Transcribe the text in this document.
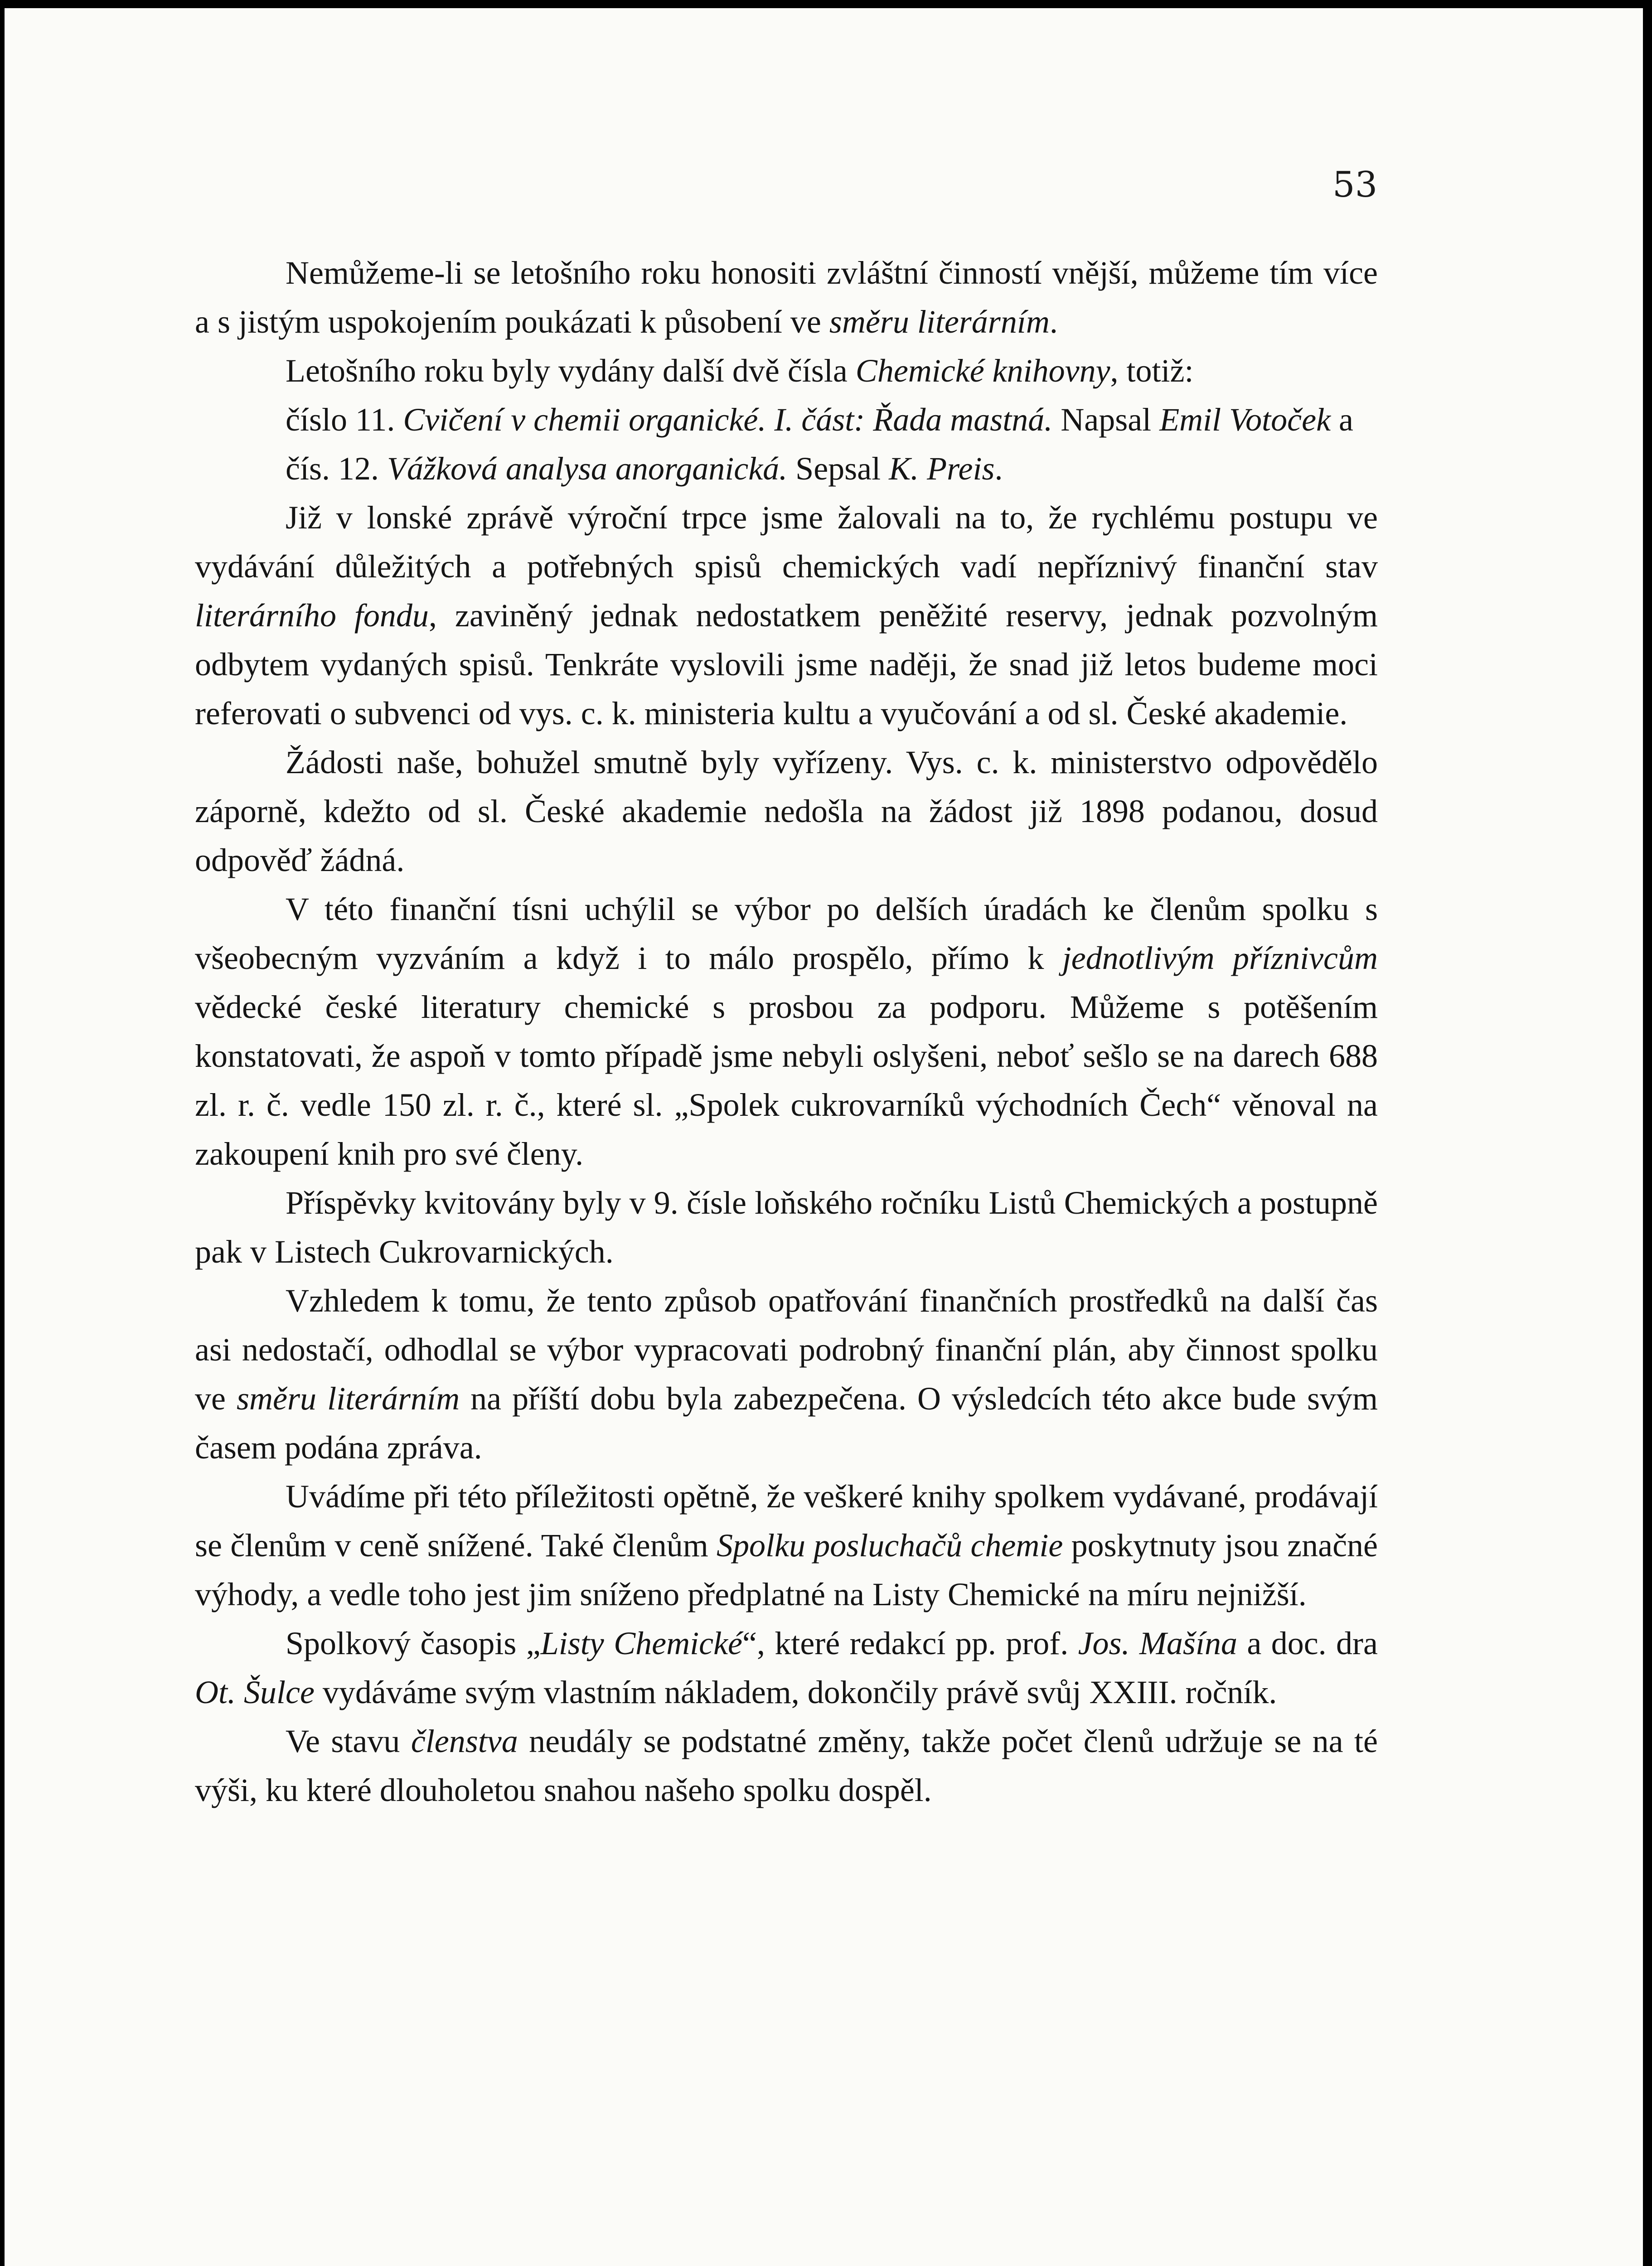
53

Nemůžeme-li se letošního roku honositi zvláštní činností vnější, můžeme tím více a s jistým uspokojením poukázati k působení ve směru literárním.

Letošního roku byly vydány další dvě čísla Chemické knihovny, totiž:

číslo 11. Cvičení v chemii organické. I. část: Řada mastná. Napsal Emil Votoček a

čís. 12. Vážková analysa anorganická. Sepsal K. Preis.

Již v lonské zprávě výroční trpce jsme žalovali na to, že rychlému postupu ve vydávání důležitých a potřebných spisů chemických vadí nepříznivý finanční stav literárního fondu, zaviněný jednak nedostatkem peněžité reservy, jednak pozvolným odbytem vydaných spisů. Tenkráte vyslovili jsme naději, že snad již letos budeme moci referovati o subvenci od vys. c. k. ministeria kultu a vyučování a od sl. České akademie.

Žádosti naše, bohužel smutně byly vyřízeny. Vys. c. k. ministerstvo odpovědělo záporně, kdežto od sl. České akademie nedošla na žádost již 1898 podanou, dosud odpověď žádná.

V této finanční tísni uchýlil se výbor po delších úradách ke členům spolku s všeobecným vyzváním a když i to málo prospělo, přímo k jednotlivým příznivcům vědecké české literatury chemické s prosbou za podporu. Můžeme s potěšením konstatovati, že aspoň v tomto případě jsme nebyli oslyšeni, neboť sešlo se na darech 688 zl. r. č. vedle 150 zl. r. č., které sl. „Spolek cukrovarníků východních Čech“ věnoval na zakoupení knih pro své členy.

Příspěvky kvitovány byly v 9. čísle loňského ročníku Listů Chemických a postupně pak v Listech Cukrovarnických.

Vzhledem k tomu, že tento způsob opatřování finančních prostředků na další čas asi nedostačí, odhodlal se výbor vypracovati podrobný finanční plán, aby činnost spolku ve směru literárním na příští dobu byla zabezpečena. O výsledcích této akce bude svým časem podána zpráva.

Uvádíme při této příležitosti opětně, že veškeré knihy spolkem vydávané, prodávají se členům v ceně snížené. Také členům Spolku posluchačů chemie poskytnuty jsou značné výhody, a vedle toho jest jim sníženo předplatné na Listy Chemické na míru nejnižší.

Spolkový časopis „Listy Chemické“, které redakcí pp. prof. Jos. Mašína a doc. dra Ot. Šulce vydáváme svým vlastním nákladem, dokončily právě svůj XXIII. ročník.

Ve stavu členstva neudály se podstatné změny, takže počet členů udržuje se na té výši, ku které dlouholetou snahou našeho spolku dospěl.
